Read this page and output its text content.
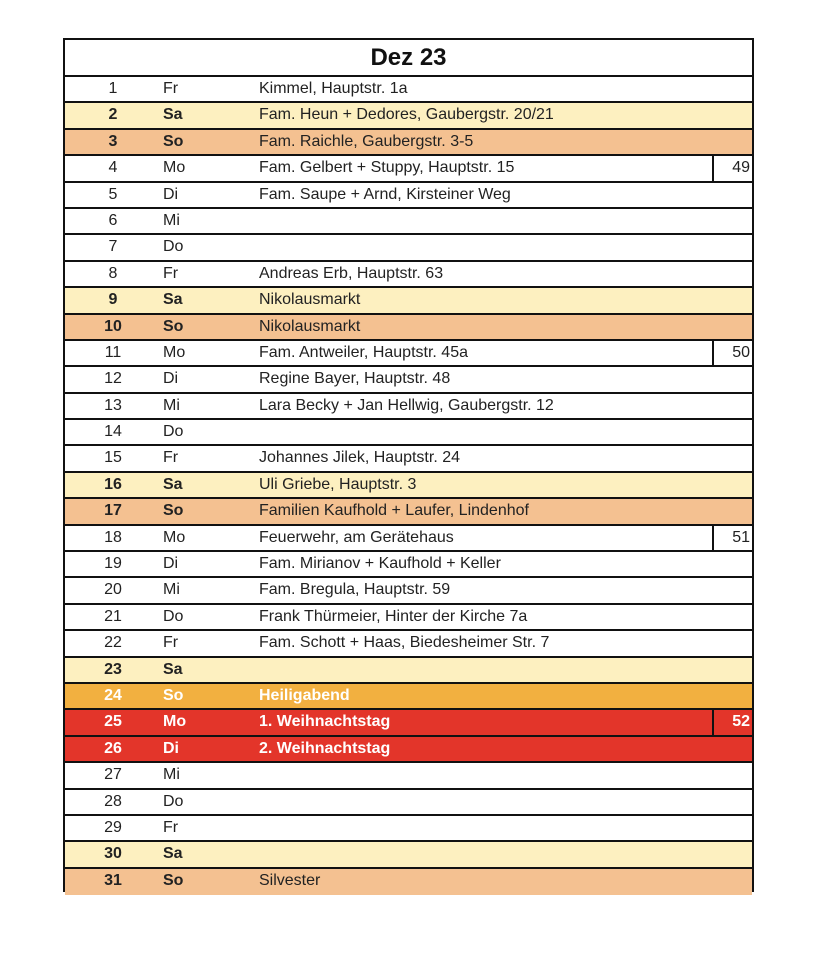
Dez 23
1	Fr	Kimmel, Hauptstr. 1a
2	Sa	Fam. Heun + Dedores, Gaubergstr. 20/21
3	So	Fam. Raichle, Gaubergstr. 3-5
4	Mo	Fam. Gelbert + Stuppy, Hauptstr. 15	49
5	Di	Fam. Saupe + Arnd, Kirsteiner Weg
6	Mi
7	Do
8	Fr	Andreas Erb, Hauptstr. 63
9	Sa	Nikolausmarkt
10	So	Nikolausmarkt
11	Mo	Fam. Antweiler, Hauptstr. 45a	50
12	Di	Regine Bayer, Hauptstr. 48
13	Mi	Lara Becky + Jan Hellwig, Gaubergstr. 12
14	Do
15	Fr	Johannes Jilek, Hauptstr. 24
16	Sa	Uli Griebe, Hauptstr. 3
17	So	Familien Kaufhold + Laufer, Lindenhof
18	Mo	Feuerwehr, am Gerätehaus	51
19	Di	Fam. Mirianov + Kaufhold + Keller
20	Mi	Fam. Bregula, Hauptstr. 59
21	Do	Frank Thürmeier, Hinter der Kirche 7a
22	Fr	Fam. Schott + Haas, Biedesheimer Str. 7
23	Sa
24	So	Heiligabend
25	Mo	1. Weihnachtstag	52
26	Di	2. Weihnachtstag
27	Mi
28	Do
29	Fr
30	Sa
31	So	Silvester
